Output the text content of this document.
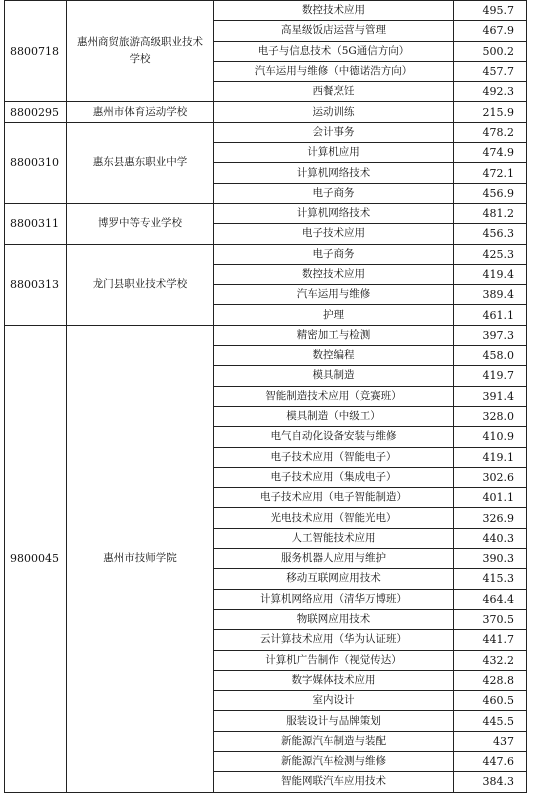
8800718	惠州商贸旅游高级职业技术学校	数控技术应用	495.7
		高星级饭店运营与管理	467.9
		电子与信息技术（5G通信方向）	500.2
		汽车运用与维修（中德诺浩方向）	457.7
		西餐烹饪	492.3
8800295	惠州市体育运动学校	运动训练	215.9
8800310	惠东县惠东职业中学	会计事务	478.2
		计算机应用	474.9
		计算机网络技术	472.1
		电子商务	456.9
8800311	博罗中等专业学校	计算机网络技术	481.2
		电子技术应用	456.3
8800313	龙门县职业技术学校	电子商务	425.3
		数控技术应用	419.4
		汽车运用与维修	389.4
		护理	461.1
9800045	惠州市技师学院	精密加工与检测	397.3
		数控编程	458.0
		模具制造	419.7
		智能制造技术应用（竞赛班）	391.4
		模具制造（中级工）	328.0
		电气自动化设备安装与维修	410.9
		电子技术应用（智能电子）	419.1
		电子技术应用（集成电子）	302.6
		电子技术应用（电子智能制造）	401.1
		光电技术应用（智能光电）	326.9
		人工智能技术应用	440.3
		服务机器人应用与维护	390.3
		移动互联网应用技术	415.3
		计算机网络应用（清华万博班）	464.4
		物联网应用技术	370.5
		云计算技术应用（华为认证班）	441.7
		计算机广告制作（视觉传达）	432.2
		数字媒体技术应用	428.8
		室内设计	460.5
		服装设计与品牌策划	445.5
		新能源汽车制造与装配	437
		新能源汽车检测与维修	447.6
		智能网联汽车应用技术	384.3
